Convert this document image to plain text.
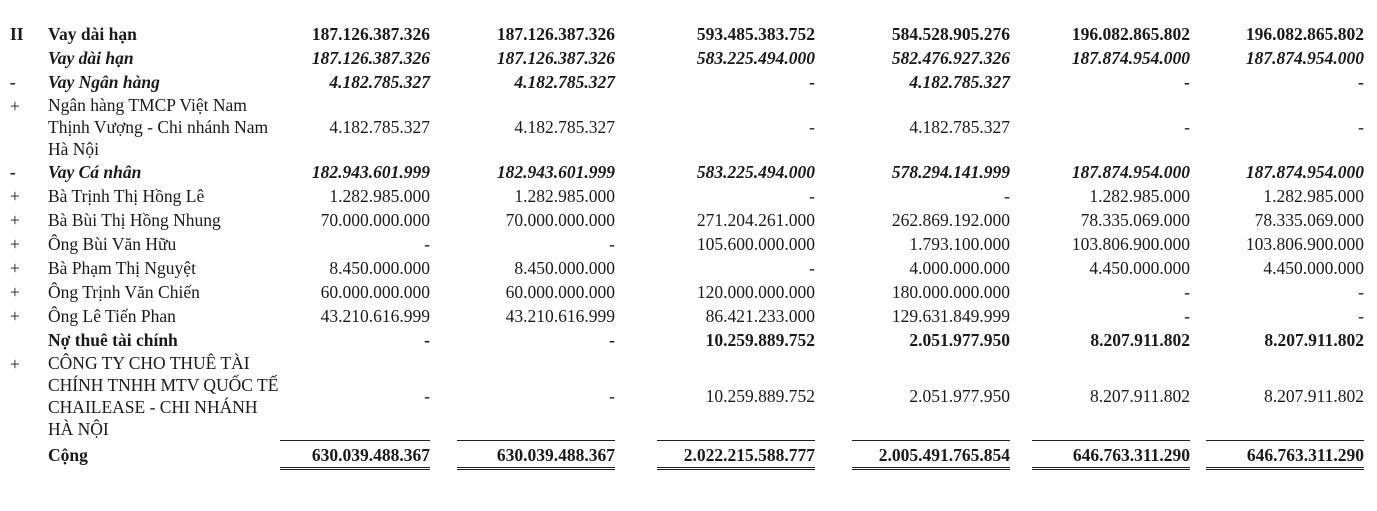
II	Vay dài hạn	187.126.387.326	187.126.387.326	593.485.383.752	584.528.905.276	196.082.865.802	196.082.865.802
	Vay dài hạn	187.126.387.326	187.126.387.326	583.225.494.000	582.476.927.326	187.874.954.000	187.874.954.000
-	Vay Ngân hàng	4.182.785.327	4.182.785.327	-	4.182.785.327	-	-
+	Ngân hàng TMCP Việt Nam Thịnh Vượng - Chi nhánh Nam Hà Nội	4.182.785.327	4.182.785.327	-	4.182.785.327	-	-
-	Vay Cá nhân	182.943.601.999	182.943.601.999	583.225.494.000	578.294.141.999	187.874.954.000	187.874.954.000
+	Bà Trịnh Thị Hồng Lê	1.282.985.000	1.282.985.000	-	-	1.282.985.000	1.282.985.000
+	Bà Bùi Thị Hồng Nhung	70.000.000.000	70.000.000.000	271.204.261.000	262.869.192.000	78.335.069.000	78.335.069.000
+	Ông Bùi Văn Hữu	-	-	105.600.000.000	1.793.100.000	103.806.900.000	103.806.900.000
+	Bà Phạm Thị Nguyệt	8.450.000.000	8.450.000.000	-	4.000.000.000	4.450.000.000	4.450.000.000
+	Ông Trịnh Văn Chiến	60.000.000.000	60.000.000.000	120.000.000.000	180.000.000.000	-	-
+	Ông Lê Tiến Phan	43.210.616.999	43.210.616.999	86.421.233.000	129.631.849.999	-	-
	Nợ thuê tài chính	-	-	10.259.889.752	2.051.977.950	8.207.911.802	8.207.911.802
+	CÔNG TY CHO THUÊ TÀI CHÍNH TNHH MTV QUỐC TẾ CHAILEASE - CHI NHÁNH HÀ NỘI	-	-	10.259.889.752	2.051.977.950	8.207.911.802	8.207.911.802
	Cộng	630.039.488.367	630.039.488.367	2.022.215.588.777	2.005.491.765.854	646.763.311.290	646.763.311.290
